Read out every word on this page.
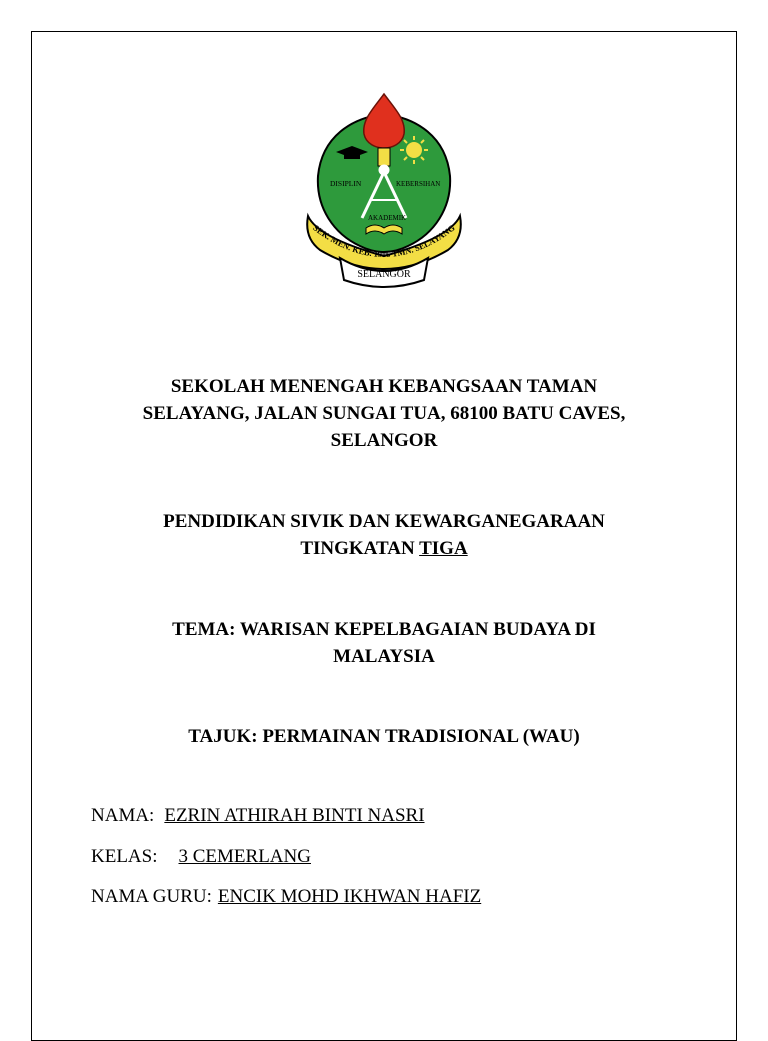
DISIPLIN	KEBERSIHAN
AKADEMIK
SEK. MEN. KEB. 1986 TMN. SELAYANG
SELANGOR
SEKOLAH MENENGAH KEBANGSAAN TAMAN
SELAYANG, JALAN SUNGAI TUA, 68100 BATU CAVES,
SELANGOR
PENDIDIKAN SIVIK DAN KEWARGANEGARAAN
TINGKATAN TIGA
TEMA: WARISAN KEPELBAGAIAN BUDAYA DI
MALAYSIA
TAJUK: PERMAINAN TRADISIONAL (WAU)
NAMA: EZRIN ATHIRAH BINTI NASRI
KELAS: 3 CEMERLANG
NAMA GURU: ENCIK MOHD IKHWAN HAFIZ
